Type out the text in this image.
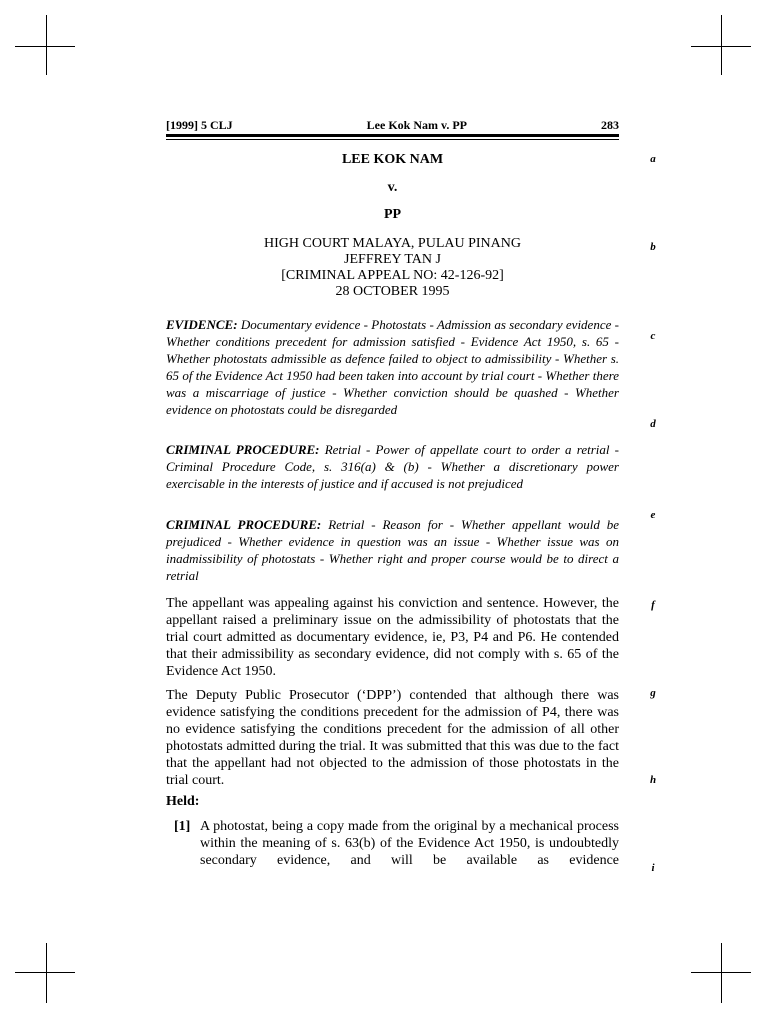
[1999] 5 CLJ	Lee Kok Nam v. PP	283
LEE KOK NAM
v.
PP
HIGH COURT MALAYA, PULAU PINANG
JEFFREY TAN J
[CRIMINAL APPEAL NO: 42-126-92]
28 OCTOBER 1995
EVIDENCE: Documentary evidence - Photostats - Admission as secondary evidence - Whether conditions precedent for admission satisfied - Evidence Act 1950, s. 65 - Whether photostats admissible as defence failed to object to admissibility - Whether s. 65 of the Evidence Act 1950 had been taken into account by trial court - Whether there was a miscarriage of justice - Whether conviction should be quashed - Whether evidence on photostats could be disregarded
CRIMINAL PROCEDURE: Retrial - Power of appellate court to order a retrial - Criminal Procedure Code, s. 316(a) & (b) - Whether a discretionary power exercisable in the interests of justice and if accused is not prejudiced
CRIMINAL PROCEDURE: Retrial - Reason for - Whether appellant would be prejudiced - Whether evidence in question was an issue - Whether issue was on inadmissibility of photostats - Whether right and proper course would be to direct a retrial
The appellant was appealing against his conviction and sentence. However, the appellant raised a preliminary issue on the admissibility of photostats that the trial court admitted as documentary evidence, ie, P3, P4 and P6. He contended that their admissibility as secondary evidence, did not comply with s. 65 of the Evidence Act 1950.
The Deputy Public Prosecutor (‘DPP’) contended that although there was evidence satisfying the conditions precedent for the admission of P4, there was no evidence satisfying the conditions precedent for the admission of all other photostats admitted during the trial. It was submitted that this was due to the fact that the appellant had not objected to the admission of those photostats in the trial court.
Held:
[1] A photostat, being a copy made from the original by a mechanical process within the meaning of s. 63(b) of the Evidence Act 1950, is undoubtedly secondary evidence, and will be available as evidence
a
b
c
d
e
f
g
h
i
